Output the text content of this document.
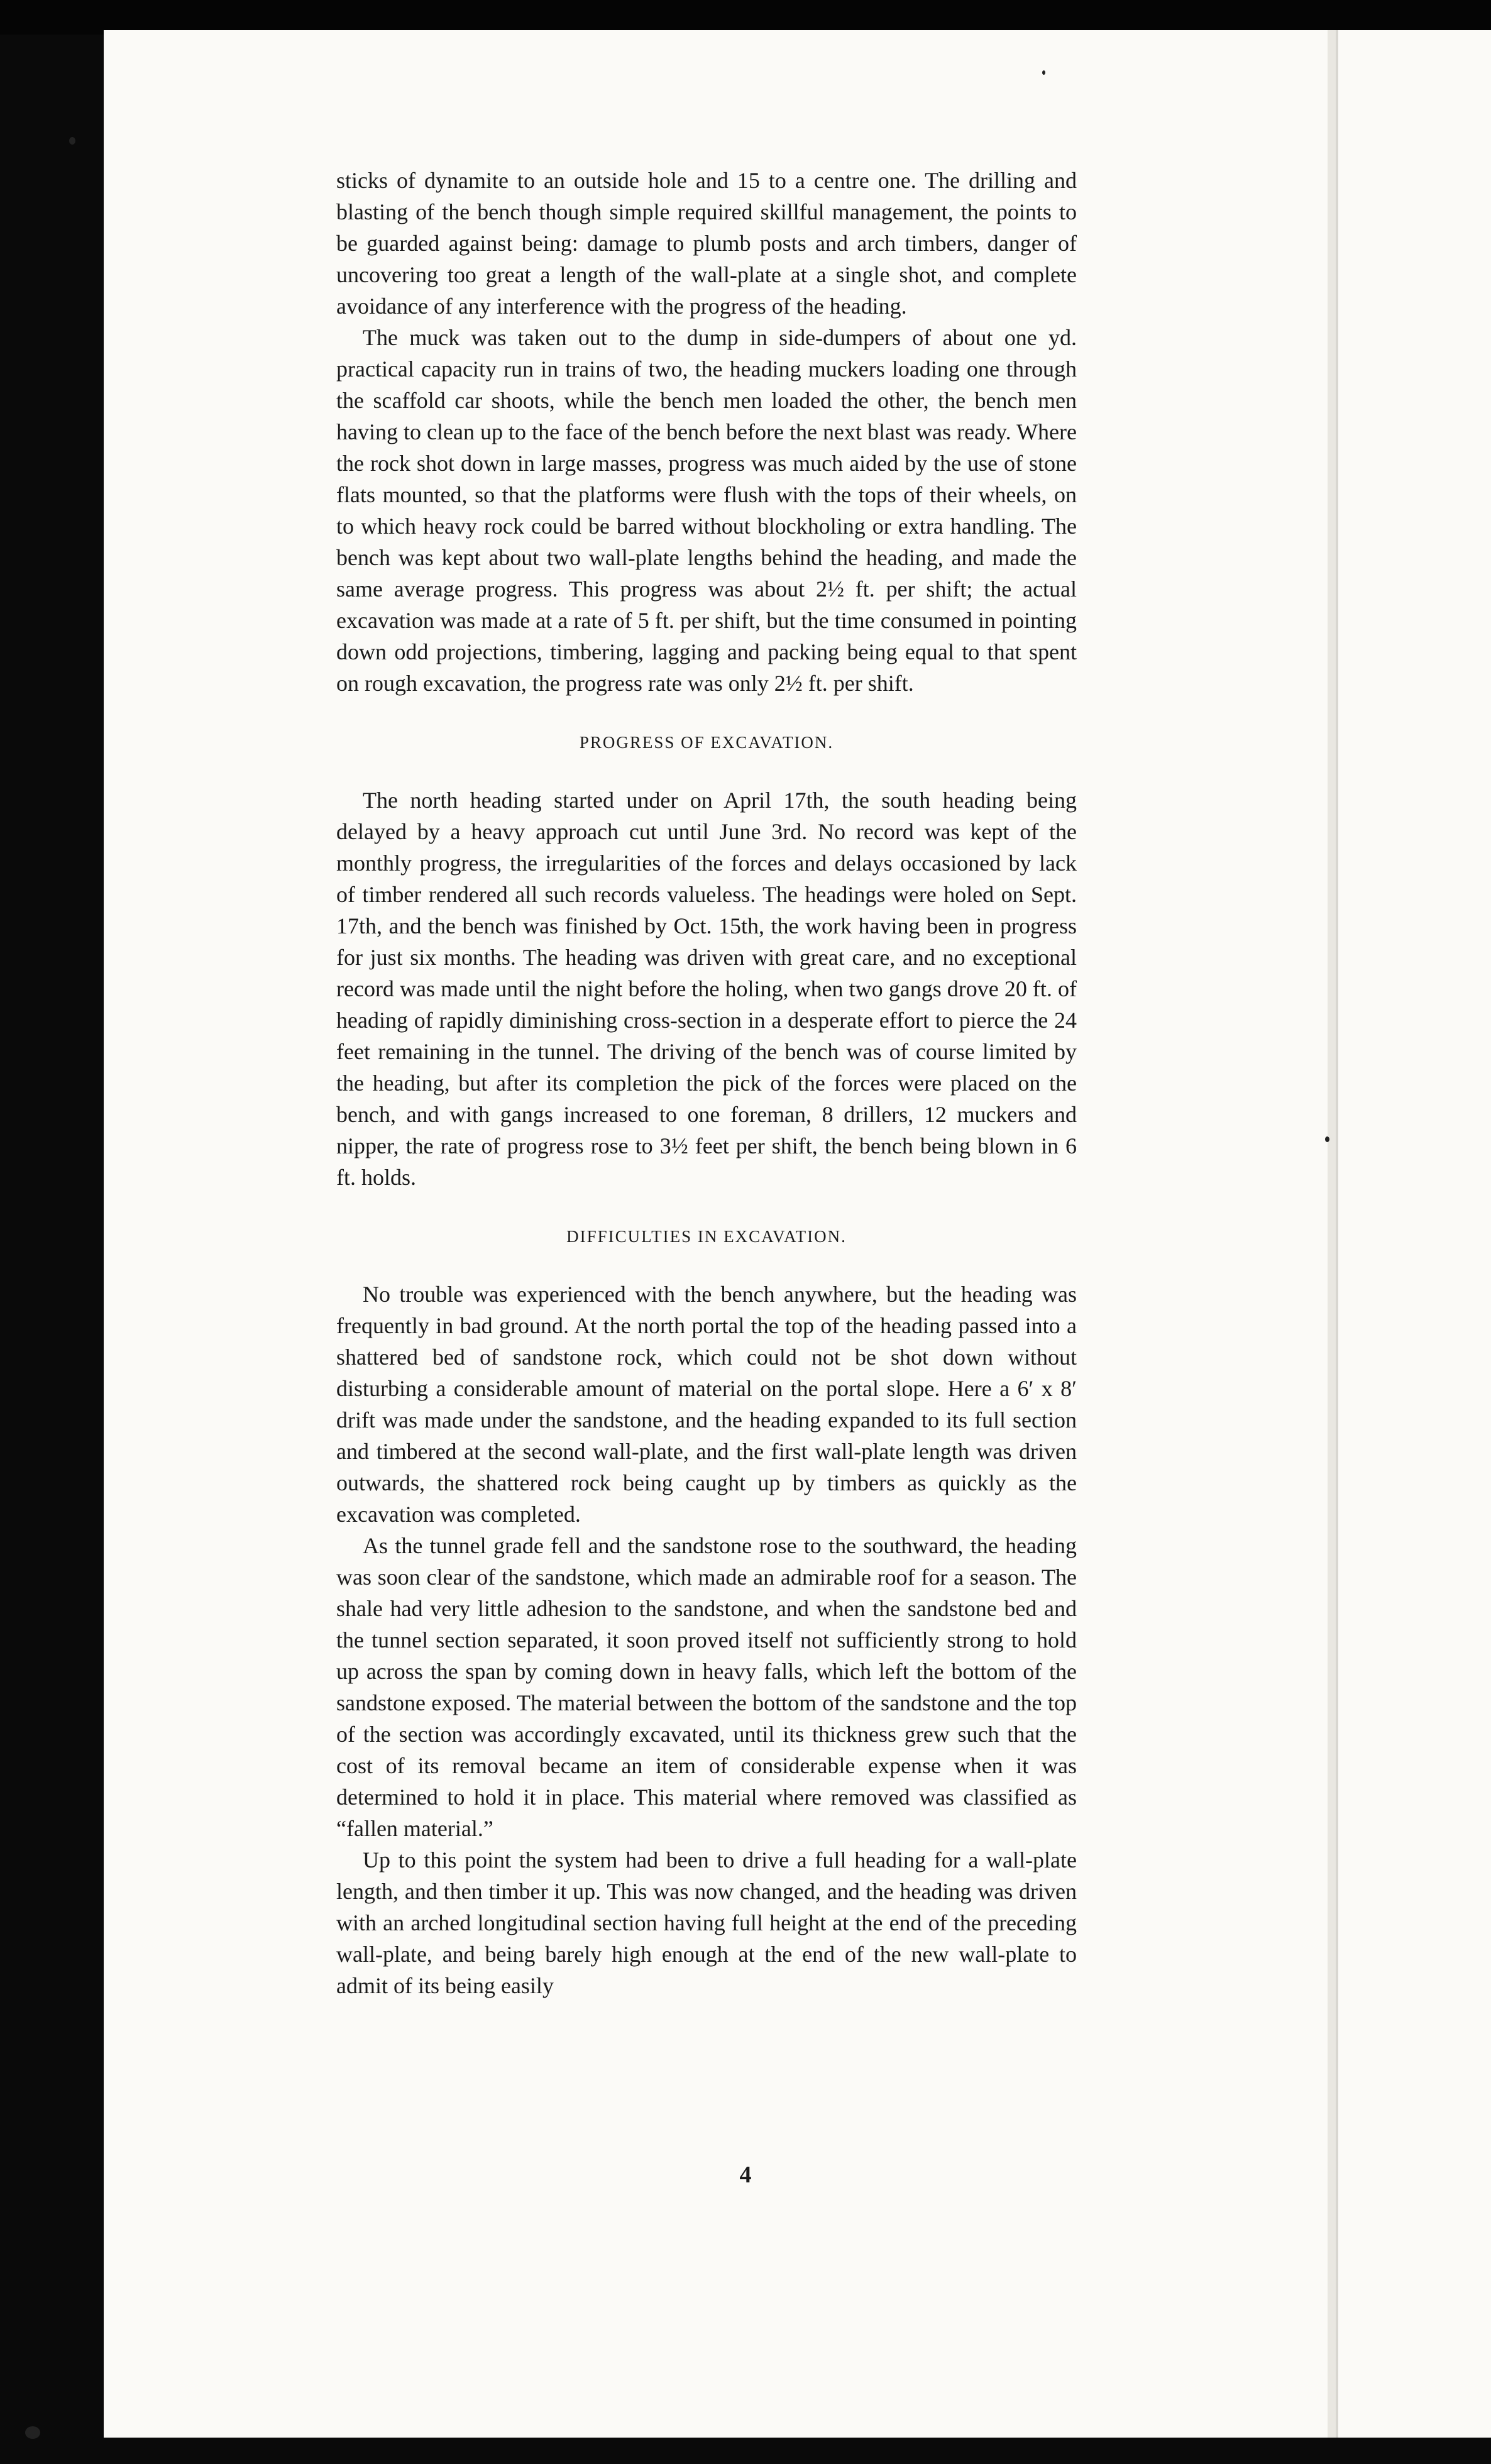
sticks of dynamite to an outside hole and 15 to a centre one. The drilling and blasting of the bench though simple required skillful management, the points to be guarded against being: damage to plumb posts and arch timbers, danger of uncovering too great a length of the wall-plate at a single shot, and complete avoidance of any interference with the progress of the heading.

The muck was taken out to the dump in side-dumpers of about one yd. practical capacity run in trains of two, the heading muckers loading one through the scaffold car shoots, while the bench men loaded the other, the bench men having to clean up to the face of the bench before the next blast was ready. Where the rock shot down in large masses, progress was much aided by the use of stone flats mounted, so that the platforms were flush with the tops of their wheels, on to which heavy rock could be barred without blockholing or extra handling. The bench was kept about two wall-plate lengths behind the heading, and made the same average progress. This progress was about 2½ ft. per shift; the actual excavation was made at a rate of 5 ft. per shift, but the time consumed in pointing down odd projections, timbering, lagging and packing being equal to that spent on rough excavation, the progress rate was only 2½ ft. per shift.

PROGRESS OF EXCAVATION.

The north heading started under on April 17th, the south heading being delayed by a heavy approach cut until June 3rd. No record was kept of the monthly progress, the irregularities of the forces and delays occasioned by lack of timber rendered all such records valueless. The headings were holed on Sept. 17th, and the bench was finished by Oct. 15th, the work having been in progress for just six months. The heading was driven with great care, and no exceptional record was made until the night before the holing, when two gangs drove 20 ft. of heading of rapidly diminishing cross-section in a desperate effort to pierce the 24 feet remaining in the tunnel. The driving of the bench was of course limited by the heading, but after its completion the pick of the forces were placed on the bench, and with gangs increased to one foreman, 8 drillers, 12 muckers and nipper, the rate of progress rose to 3½ feet per shift, the bench being blown in 6 ft. holds.

DIFFICULTIES IN EXCAVATION.

No trouble was experienced with the bench anywhere, but the heading was frequently in bad ground. At the north portal the top of the heading passed into a shattered bed of sandstone rock, which could not be shot down without disturbing a considerable amount of material on the portal slope. Here a 6′ x 8′ drift was made under the sandstone, and the heading expanded to its full section and timbered at the second wall-plate, and the first wall-plate length was driven outwards, the shattered rock being caught up by timbers as quickly as the excavation was completed.

As the tunnel grade fell and the sandstone rose to the southward, the heading was soon clear of the sandstone, which made an admirable roof for a season. The shale had very little adhesion to the sandstone, and when the sandstone bed and the tunnel section separated, it soon proved itself not sufficiently strong to hold up across the span by coming down in heavy falls, which left the bottom of the sandstone exposed. The material between the bottom of the sandstone and the top of the section was accordingly excavated, until its thickness grew such that the cost of its removal became an item of considerable expense when it was determined to hold it in place. This material where removed was classified as “fallen material.”

Up to this point the system had been to drive a full heading for a wall-plate length, and then timber it up. This was now changed, and the heading was driven with an arched longitudinal section having full height at the end of the preceding wall-plate, and being barely high enough at the end of the new wall-plate to admit of its being easily

4
